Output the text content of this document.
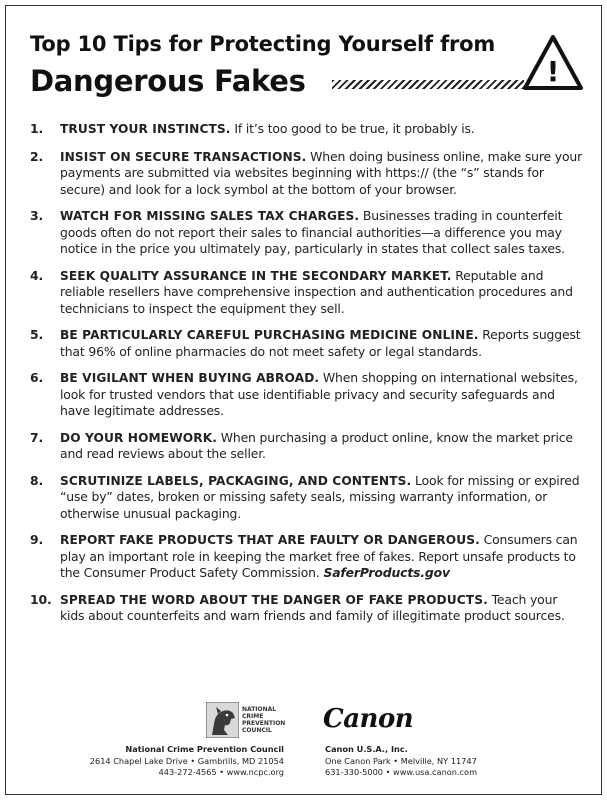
Top 10 Tips for Protecting Yourself from
Dangerous Fakes	!
1.	TRUST YOUR INSTINCTS. If it’s too good to be true, it probably is.

2.	INSIST ON SECURE TRANSACTIONS. When doing business online, make sure your payments are submitted via websites beginning with https:// (the “s” stands for secure) and look for a lock symbol at the bottom of your browser.

3.	WATCH FOR MISSING SALES TAX CHARGES. Businesses trading in counterfeit goods often do not report their sales to financial authorities—a difference you may notice in the price you ultimately pay, particularly in states that collect sales taxes.

4.	SEEK QUALITY ASSURANCE IN THE SECONDARY MARKET. Reputable and reliable resellers have comprehensive inspection and authentication procedures and technicians to inspect the equipment they sell.

5.	BE PARTICULARLY CAREFUL PURCHASING MEDICINE ONLINE. Reports suggest that 96% of online pharmacies do not meet safety or legal standards.

6.	BE VIGILANT WHEN BUYING ABROAD. When shopping on international websites, look for trusted vendors that use identifiable privacy and security safeguards and have legitimate addresses.

7.	DO YOUR HOMEWORK. When purchasing a product online, know the market price and read reviews about the seller.

8.	SCRUTINIZE LABELS, PACKAGING, AND CONTENTS. Look for missing or expired “use by” dates, broken or missing safety seals, missing warranty information, or otherwise unusual packaging.

9.	REPORT FAKE PRODUCTS THAT ARE FAULTY OR DANGEROUS. Consumers can play an important role in keeping the market free of fakes. Report unsafe products to the Consumer Product Safety Commission. SaferProducts.gov

10. SPREAD THE WORD ABOUT THE DANGER OF FAKE PRODUCTS. Teach your kids about counterfeits and warn friends and family of illegitimate product sources.

NATIONAL
CRIME
PREVENTION
COUNCIL	Canon
National Crime Prevention Council
2614 Chapel Lake Drive • Gambrills, MD 21054
443-272-4565 • www.ncpc.org
Canon U.S.A., Inc.
One Canon Park • Melville, NY 11747
631-330-5000 • www.usa.canon.com
